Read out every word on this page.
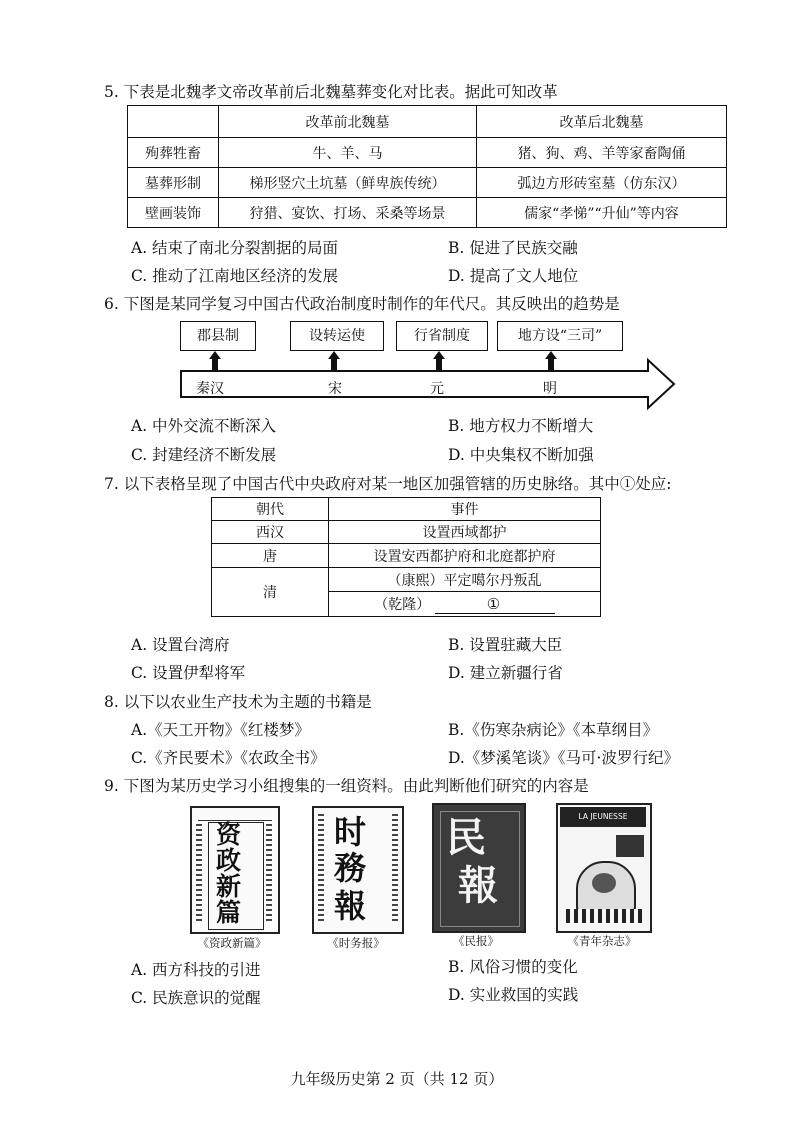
5. 下表是北魏孝文帝改革前后北魏墓葬变化对比表。据此可知改革
	改革前北魏墓	改革后北魏墓
殉葬牲畜	牛、羊、马	猪、狗、鸡、羊等家畜陶俑
墓葬形制	梯形竖穴土坑墓（鲜卑族传统）	弧边方形砖室墓（仿东汉）
壁画装饰	狩猎、宴饮、打场、采桑等场景	儒家“孝悌”“升仙”等内容
A. 结束了南北分裂割据的局面	B. 促进了民族交融
C. 推动了江南地区经济的发展	D. 提高了文人地位
6. 下图是某同学复习中国古代政治制度时制作的年代尺。其反映出的趋势是
郡县制	设转运使	行省制度	地方设“三司”
秦汉	宋	元	明
A. 中外交流不断深入	B. 地方权力不断增大
C. 封建经济不断发展	D. 中央集权不断加强
7. 以下表格呈现了中国古代中央政府对某一地区加强管辖的历史脉络。其中①处应:
朝代	事件
西汉	设置西域都护
唐	设置安西都护府和北庭都护府
清	（康熙）平定噶尔丹叛乱
	（乾隆） ①
A. 设置台湾府	B. 设置驻藏大臣
C. 设置伊犁将军	D. 建立新疆行省
8. 以下以农业生产技术为主题的书籍是
A.《天工开物》《红楼梦》	B.《伤寒杂病论》《本草纲目》
C.《齐民要术》《农政全书》	D.《梦溪笔谈》《马可·波罗行纪》
9. 下图为某历史学习小组搜集的一组资料。由此判断他们研究的内容是
资
政
新
篇
《资政新篇》
时
務
報
《时务报》
民
報
《民报》
LA JEUNESSE
《青年杂志》
A. 西方科技的引进	B. 风俗习惯的变化
C. 民族意识的觉醒	D. 实业救国的实践
九年级历史第 2 页（共 12 页）
